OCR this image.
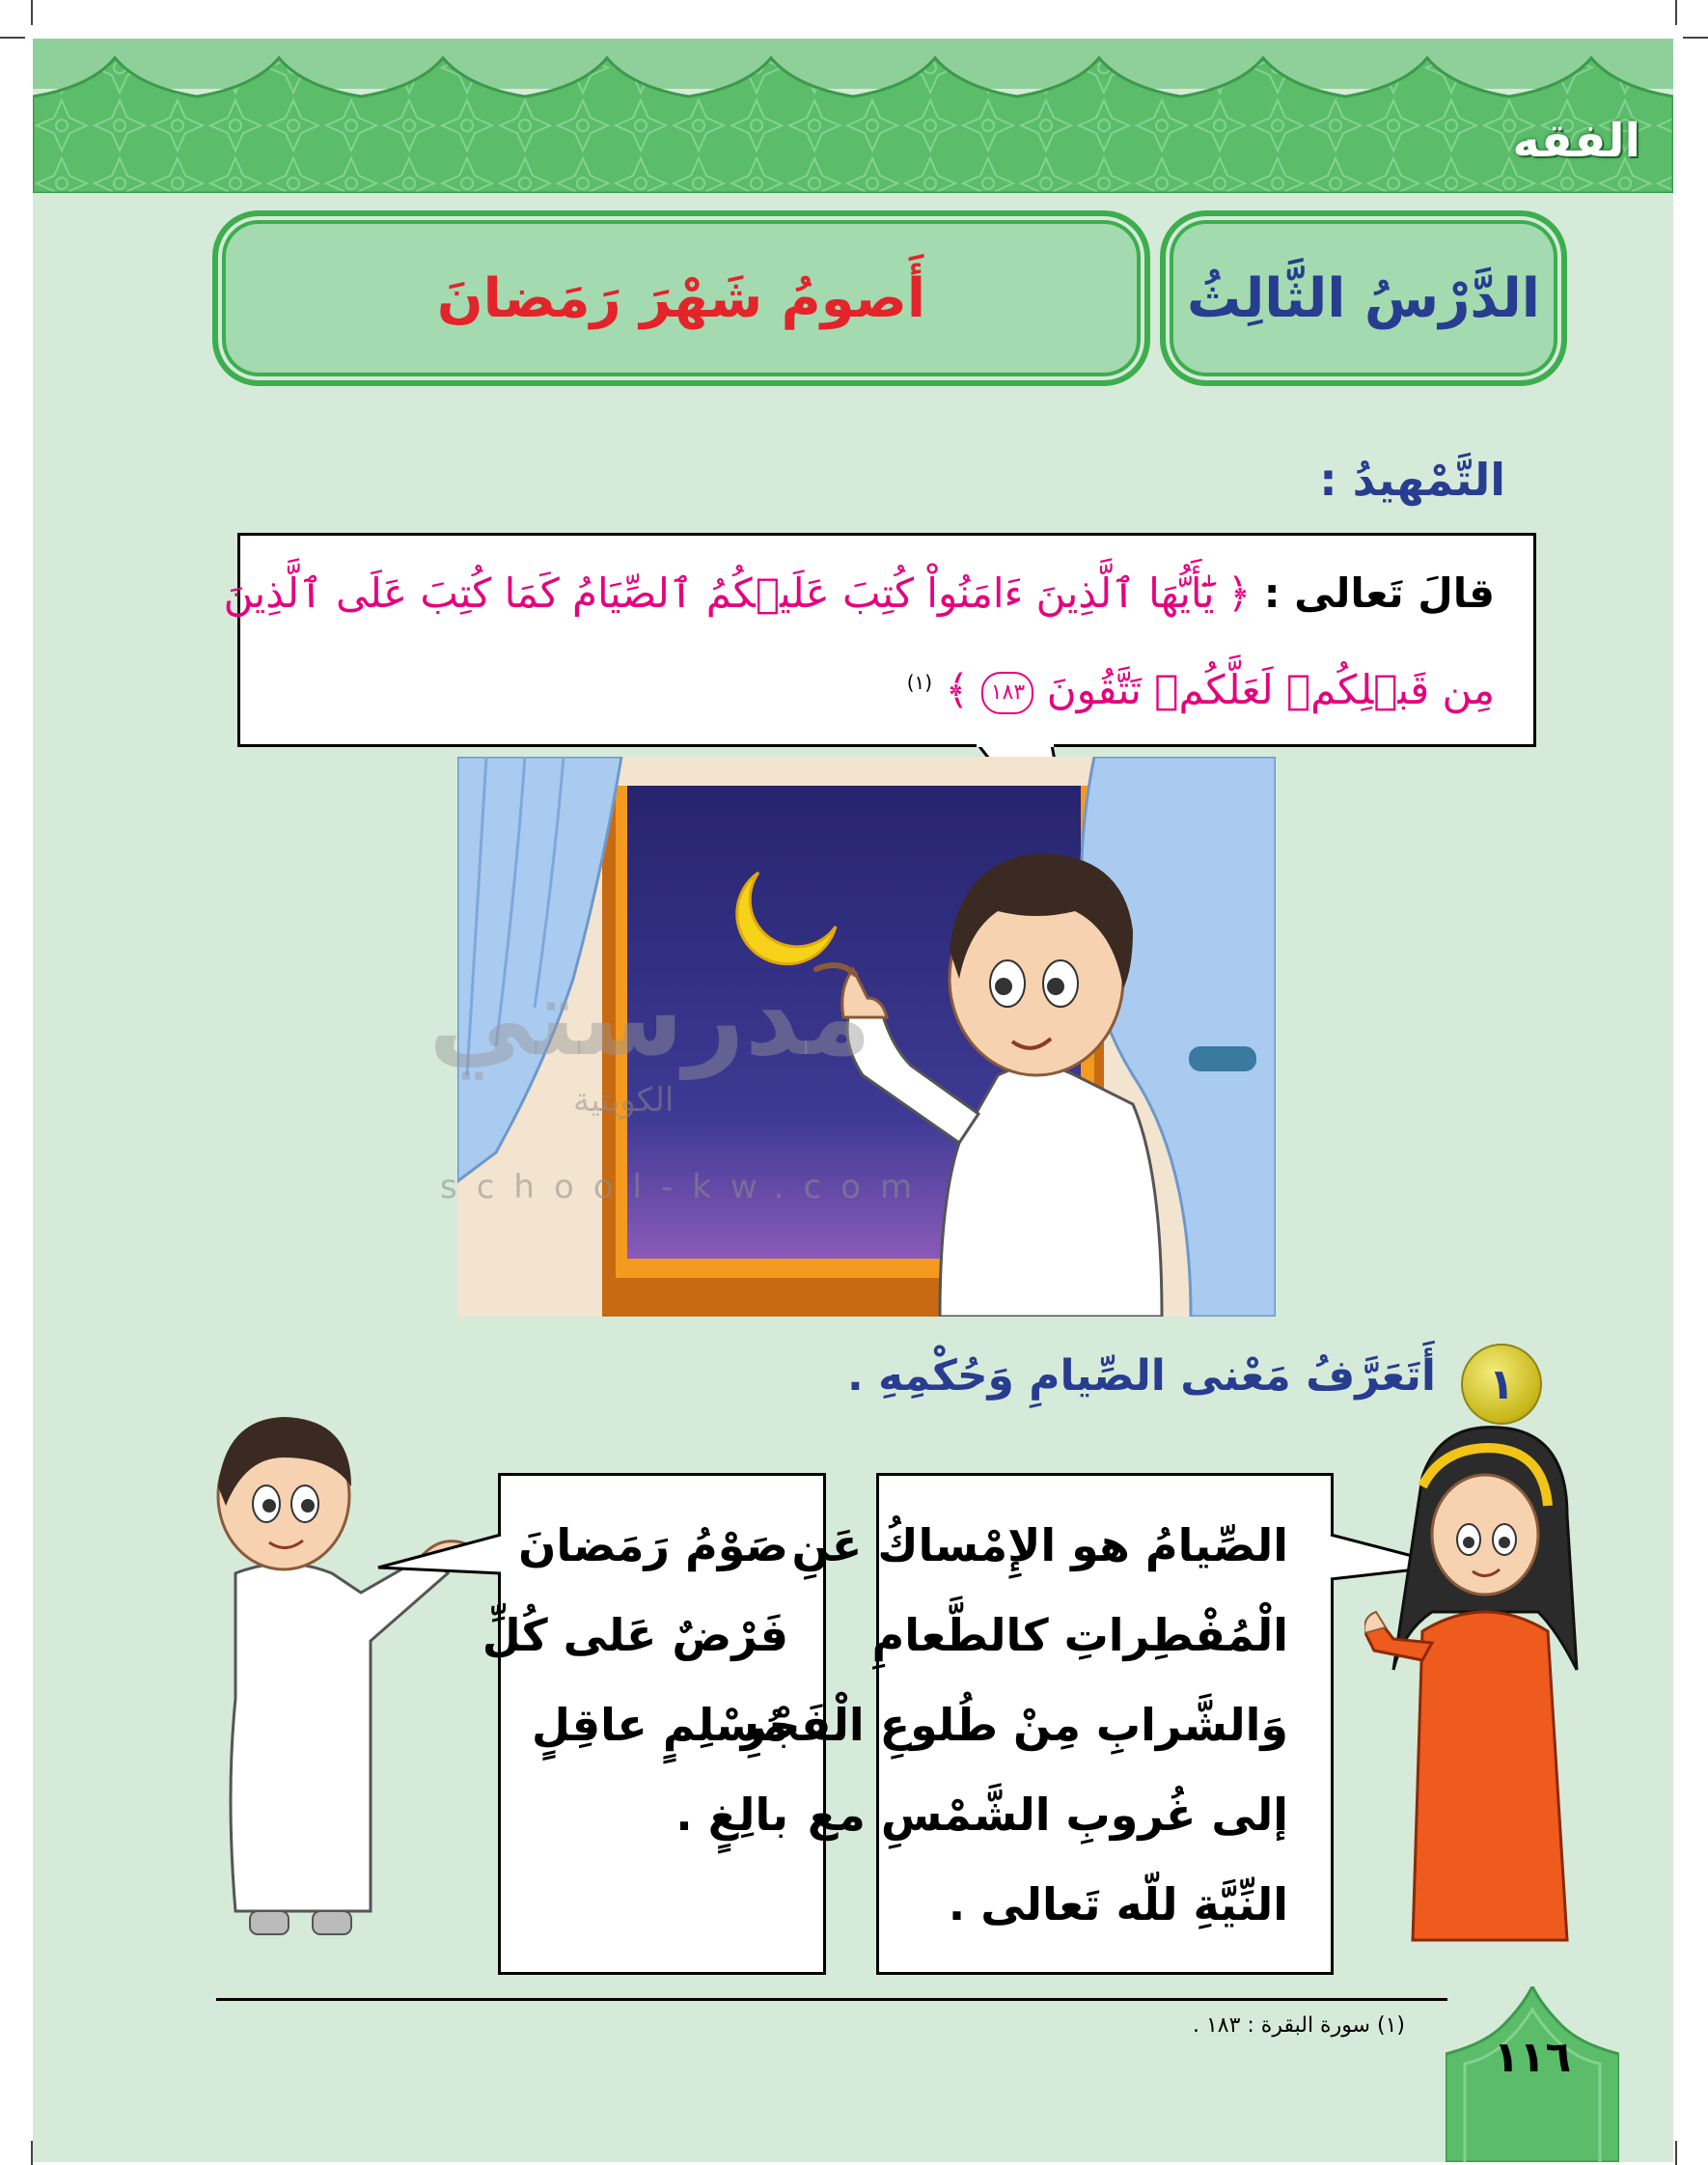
الفقه
الدَّرْسُ الثَّالِثُ
أَصومُ شَهْرَ رَمَضانَ
التَّمْهيدُ :
قالَ تَعالى : ﴿ يَٰٓأَيُّهَا ٱلَّذِينَ ءَامَنُواْ كُتِبَ عَلَيۡكُمُ ٱلصِّيَامُ كَمَا كُتِبَ عَلَى ٱلَّذِينَ
مِن قَبۡلِكُمۡ لَعَلَّكُمۡ تَتَّقُونَ ١٨٣ ﴾ $^{(١)}$
مدرستي
الكويتية
school-kw.com
١
أَتَعَرَّفُ مَعْنى الصِّيامِ وَحُكْمِهِ .
صَوْمُ رَمَضانَ
فَرْضٌ عَلى كُلِّ
مُسْلِمٍ عاقِلٍ
بالِغٍ .
الصِّيامُ هو الإِمْساكُ عَنِ
الْمُفْطِراتِ كالطَّعامِ
وَالشَّرابِ مِنْ طُلوعِ الْفَجْرِ
إلى غُروبِ الشَّمْسِ مع
النِّيَّةِ للّه تَعالى .
(١) سورة البقرة : ١٨٣ .
١١٦
